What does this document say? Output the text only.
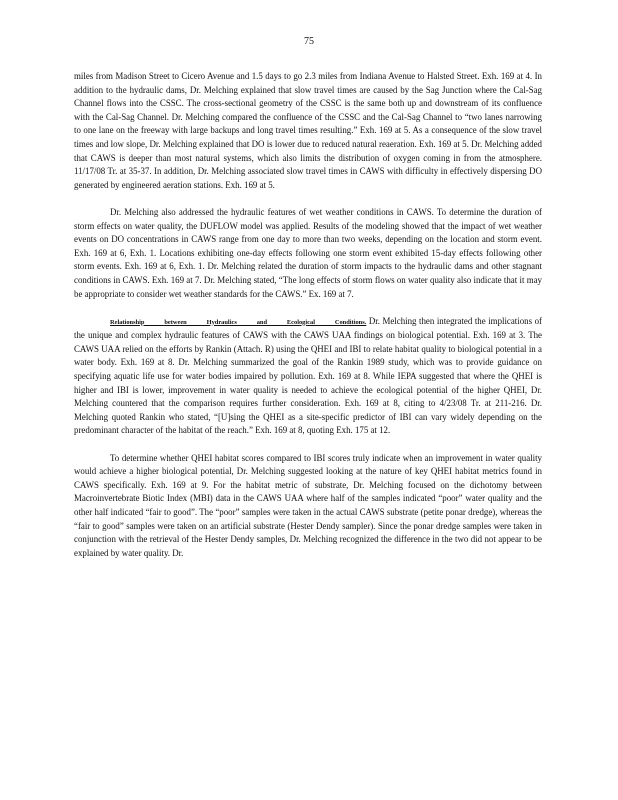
75

miles from Madison Street to Cicero Avenue and 1.5 days to go 2.3 miles from Indiana Avenue to Halsted Street. Exh. 169 at 4. In addition to the hydraulic dams, Dr. Melching explained that slow travel times are caused by the Sag Junction where the Cal-Sag Channel flows into the CSSC. The cross-sectional geometry of the CSSC is the same both up and downstream of its confluence with the Cal-Sag Channel. Dr. Melching compared the confluence of the CSSC and the Cal-Sag Channel to “two lanes narrowing to one lane on the freeway with large backups and long travel times resulting.” Exh. 169 at 5. As a consequence of the slow travel times and low slope, Dr. Melching explained that DO is lower due to reduced natural reaeration. Exh. 169 at 5. Dr. Melching added that CAWS is deeper than most natural systems, which also limits the distribution of oxygen coming in from the atmosphere. 11/17/08 Tr. at 35-37. In addition, Dr. Melching associated slow travel times in CAWS with difficulty in effectively dispersing DO generated by engineered aeration stations. Exh. 169 at 5.

Dr. Melching also addressed the hydraulic features of wet weather conditions in CAWS. To determine the duration of storm effects on water quality, the DUFLOW model was applied. Results of the modeling showed that the impact of wet weather events on DO concentrations in CAWS range from one day to more than two weeks, depending on the location and storm event. Exh. 169 at 6, Exh. 1. Locations exhibiting one-day effects following one storm event exhibited 15-day effects following other storm events. Exh. 169 at 6, Exh. 1. Dr. Melching related the duration of storm impacts to the hydraulic dams and other stagnant conditions in CAWS. Exh. 169 at 7. Dr. Melching stated, “The long effects of storm flows on water quality also indicate that it may be appropriate to consider wet weather standards for the CAWS.” Ex. 169 at 7.

Relationship between Hydraulics and Ecological Conditions. Dr. Melching then integrated the implications of the unique and complex hydraulic features of CAWS with the CAWS UAA findings on biological potential. Exh. 169 at 3. The CAWS UAA relied on the efforts by Rankin (Attach. R) using the QHEI and IBI to relate habitat quality to biological potential in a water body. Exh. 169 at 8. Dr. Melching summarized the goal of the Rankin 1989 study, which was to provide guidance on specifying aquatic life use for water bodies impaired by pollution. Exh. 169 at 8. While IEPA suggested that where the QHEI is higher and IBI is lower, improvement in water quality is needed to achieve the ecological potential of the higher QHEI, Dr. Melching countered that the comparison requires further consideration. Exh. 169 at 8, citing to 4/23/08 Tr. at 211-216. Dr. Melching quoted Rankin who stated, “[U]sing the QHEI as a site-specific predictor of IBI can vary widely depending on the predominant character of the habitat of the reach.” Exh. 169 at 8, quoting Exh. 175 at 12.

To determine whether QHEI habitat scores compared to IBI scores truly indicate when an improvement in water quality would achieve a higher biological potential, Dr. Melching suggested looking at the nature of key QHEI habitat metrics found in CAWS specifically. Exh. 169 at 9. For the habitat metric of substrate, Dr. Melching focused on the dichotomy between Macroinvertebrate Biotic Index (MBI) data in the CAWS UAA where half of the samples indicated “poor” water quality and the other half indicated “fair to good”. The “poor” samples were taken in the actual CAWS substrate (petite ponar dredge), whereas the “fair to good” samples were taken on an artificial substrate (Hester Dendy sampler). Since the ponar dredge samples were taken in conjunction with the retrieval of the Hester Dendy samples, Dr. Melching recognized the difference in the two did not appear to be explained by water quality. Dr.
